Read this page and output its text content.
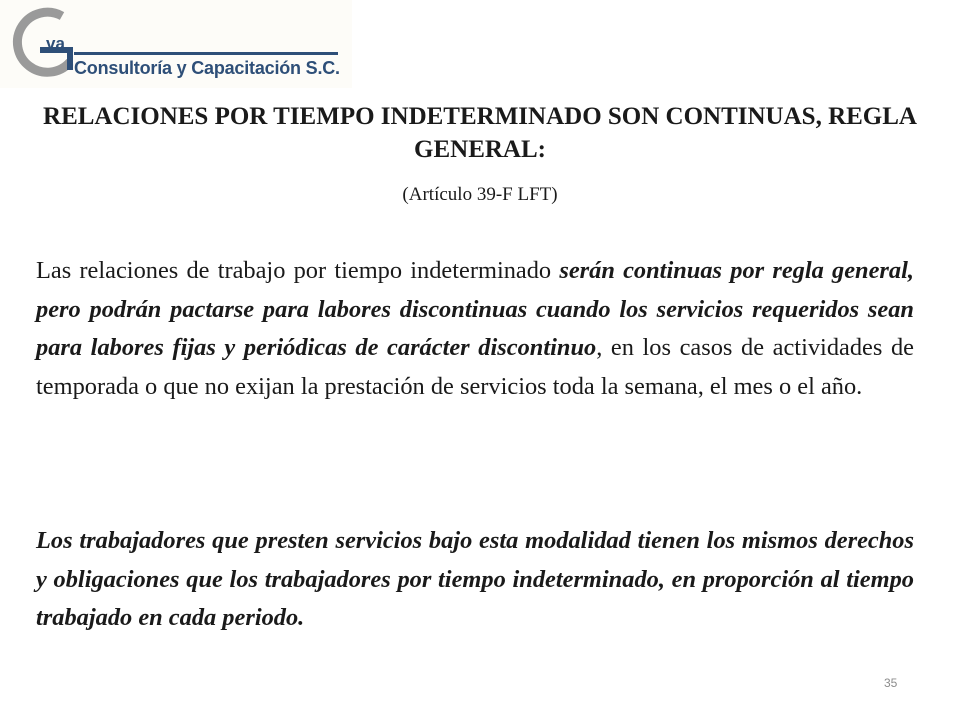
va
Consultoría y Capacitación S.C.
RELACIONES POR TIEMPO INDETERMINADO SON CONTINUAS, REGLA GENERAL:
(Artículo 39-F LFT)
Las relaciones de trabajo por tiempo indeterminado serán continuas por regla general, pero podrán pactarse para labores discontinuas cuando los servicios requeridos sean para labores fijas y periódicas de carácter discontinuo, en los casos de actividades de temporada o que no exijan la prestación de servicios toda la semana, el mes o el año.
Los trabajadores que presten servicios bajo esta modalidad tienen los mismos derechos y obligaciones que los trabajadores por tiempo indeterminado, en proporción al tiempo trabajado en cada periodo.
35
